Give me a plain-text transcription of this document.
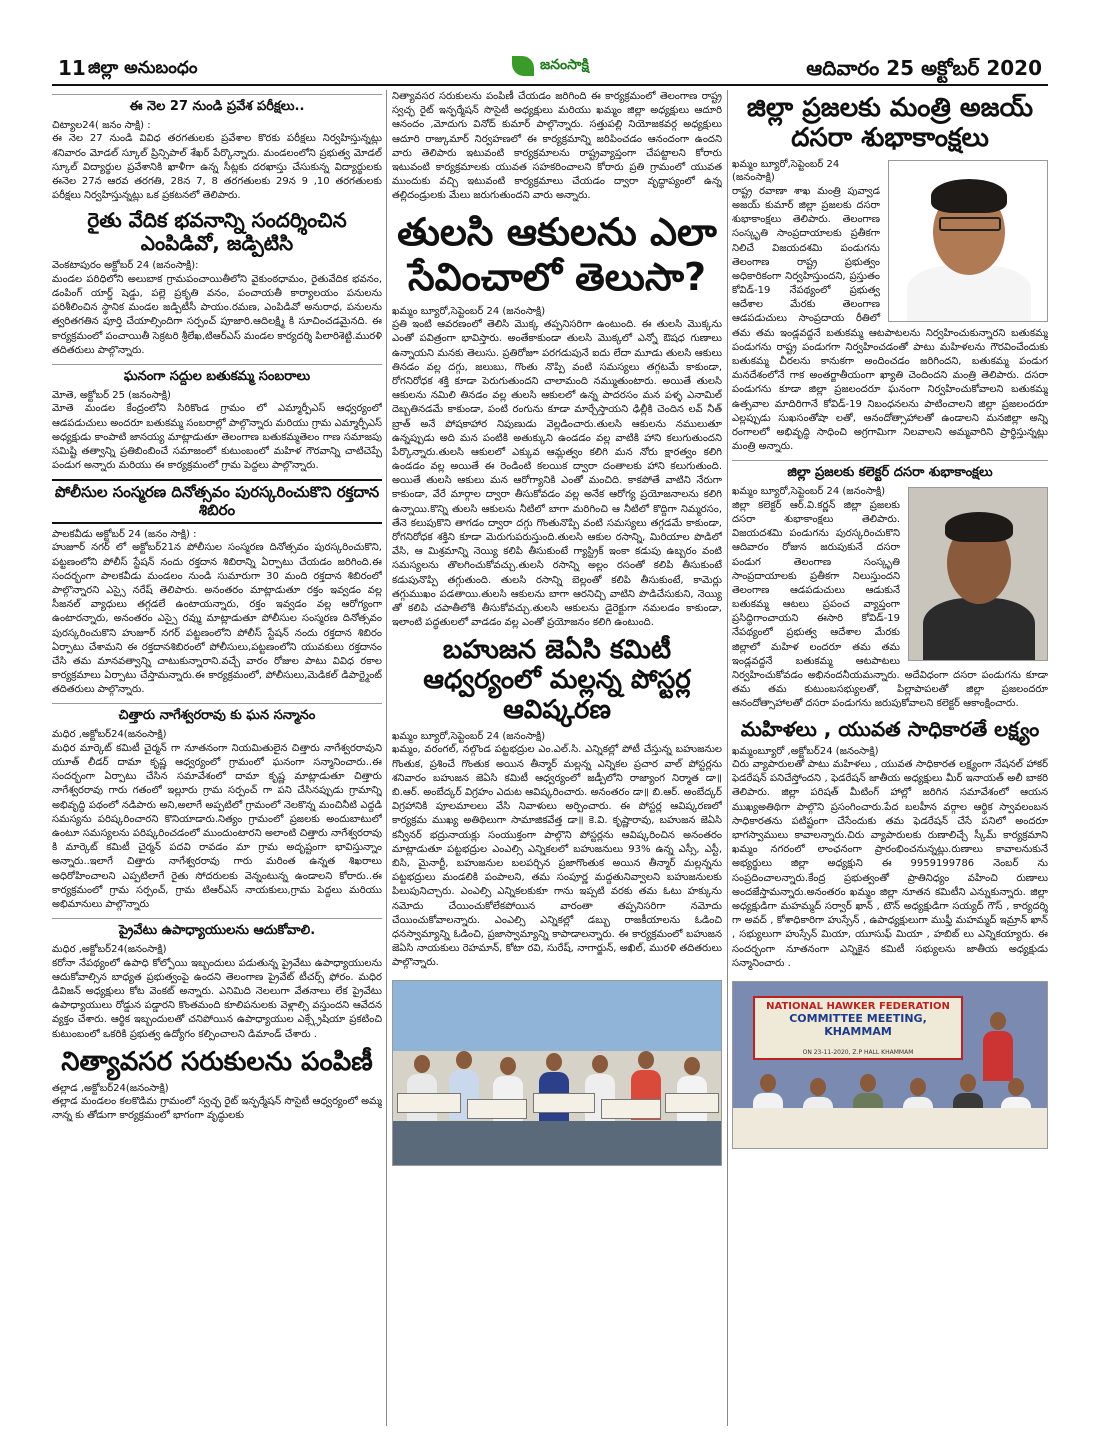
11 జిల్లా అనుబంధం	జనంసాక్షి	ఆదివారం 25 అక్టోబర్ 2020
ఈ నెల 27 నుండి ప్రవేశ పరీక్షలు..

చిట్యాల24( జనం సాక్షి) :

ఈ నెల 27 నుండి వివిధ తరగతులకు ప్రవేశాల కొరకు పరీక్షలు నిర్వహిస్తున్నట్లు శనివారం మోడల్ స్కూల్ ప్రిన్సిపాల్ శేఖర్ పేర్కొన్నారు. మండలంలోని ప్రభుత్వ మోడల్ స్కూల్ విద్యార్థుల ప్రవేశానికి ఖాళీగా ఉన్న సీట్లకు దరఖాస్తు చేసుకున్న విద్యార్థులకు ఈనెల 27న ఆరవ తరగతి, 28న 7, 8 తరగతులకు 29న 9 ,10 తరగతులకు పరీక్షలు నిర్వహిస్తున్నట్లు ఒక ప్రకటనలో తెలిపారు.

రైతు వేదిక భవనాన్ని సందర్శించిన ఎంపిడివో, జడ్పిటిసి

వెంకటాపురం అక్టోబర్ 24 (జనంసాక్షి):

మండల పరిధిలోని అలుబాక గ్రామపంచాయితీలోని వైకుంఠధామం, రైతువేదిక భవనం, డంపింగ్ యార్డ్ షెడ్డు, పల్లె ప్రకృతి వనం, పంచాయతీ కార్యాలయం పనులను పరిశీలించిన స్థానిక మండల జడ్పిటీసీ పాయం.రమణ, ఎంపిడివో అనురాధ, పనులను త్వరితగతిన పూర్తి చేయాల్సిందిగా సర్పంచ్ పూజారి.ఆదిలక్ష్మి కి సూచించడమైనది. ఈ కార్యక్రమంలో పంచాయితీ సెక్రటరి శ్రీలేఖ,టిఆర్ఎస్ మండల కార్యదర్శి పిలారిశెట్టి.మురళి తదితరులు పాల్గొన్నారు.

ఘనంగా సద్దుల బతుకమ్మ సంబరాలు

మోతె, అక్టోబర్ 25 (జనంసాక్షి)

మోతె మండల కేంద్రంలోని సిరికొండ గ్రామం లో ఎమ్మార్పీఎస్ ఆధ్వర్యంలో ఆడపడుచులు అందరూ బతుకమ్మ సంబరాల్లో పాల్గొన్నారు మరియు గ్రామ ఎమ్మార్పీఎస్ అధ్యక్షుడు కాంపాటి జానయ్య మాట్లాడుతూ తెలంగాణ బతుకమ్మతెలం గాణ సమాజపు సమిష్టి తత్వాన్ని ప్రతిబింబించే సమాజంలో కుటుంబంలో మహిళ గౌరవాన్ని చాటిచెప్పే పండుగ అన్నారు మరియు ఈ కార్యక్రమంలో గ్రామ పెద్దలు పాల్గొన్నారు.

పోలీసుల సంస్మరణ దినోత్సవం పురస్కరించుకొని రక్తదాన శిబిరం

పాలకవీడు అక్టోబర్ 24 (జనం సాక్షి) :

హుజూర్ నగర్ లో అక్టోబర్21న పోలీసుల సంస్మరణ దినోత్సవం పురస్కరించుకొని, పట్టణంలోని పోలీస్ స్టేషన్ నందు రక్తదాన శిబిరాన్ని ఏర్పాటు చేయడం జరిగింది.ఈ సందర్భంగా పాలకవీడు మండలం నుండి సుమారుగా 30 మంది రక్తదాన శిబిరంలో పాల్గొన్నారని ఎస్సై నరేష్ తెలిపారు. అనంతరం మాట్లాడుతూ రక్తం ఇవ్వడం వల్ల సీజనల్ వ్యాధులు తగ్గడలే ఉంటాయన్నారు, రక్తం ఇవ్వడం వల్ల ఆరోగ్యంగా ఉంటారన్నారు, అనంతరం ఎస్సై రవ్ము మాట్లాడుతూ పోలీసుల సంస్మరణ దినోత్సవం పురస్కరించుకొని హుజూర్ నగర్ పట్టణంలోని పోలీస్ స్టేషన్ నందు రక్తదాన శిబిరం ఏర్పాటు చేశామని ఈ రక్తదానశిబిరంలో పోలీసులు,పట్టణంలోని యువకులు రక్తదానం చేసి తమ మానవత్వాన్ని చాటుకున్నారాని.వచ్చే వారం రోజుల పాటు వివిధ రకాల కార్యక్రమాలు ఏర్పాటు చేస్తామన్నారు.ఈ కార్యక్రమంలో, పోలీసులు,మెడికల్ డిపార్ట్మెంట్ తదితరులు పాల్గొన్నారు.

చిత్తారు నాగేశ్వరరావు కు ఘన సన్మానం

మధిర ,అక్టోబర్24(జనంసాక్షి)

మధిర మార్కెట్ కమిటీ చైర్మన్ గా నూతనంగా నియమితులైన చిత్తారు నాగేశ్వరరావుని యూత్ లీడర్ దామా కృష్ణ ఆధ్వర్యంలో గ్రామంలో ఘనంగా సన్మానించారు..ఈ సందర్భంగా ఏర్పాటు చేసిన సమావేశంలో దామా కృష్ణ మాట్లాడుతూ చిత్తారు నాగేశ్వరరావు గారు గతంలో ఇల్లూరు గ్రామ సర్పంచ్ గా పని చేసినప్పుడు గ్రామాన్ని అభివృద్ధి పథంలో నడిపారు అని,అలాగే అప్పటిలో గ్రామంలో నెలకొన్న మంచినీటి ఎద్దడి సమస్యను పరిష్కరించారని కొనియాడారు.నిత్యం గ్రామంలో ప్రజలకు అందుబాటులో ఉంటూ సమస్యలను పరిష్కరించడంలో ముందుంటారని అలాంటి చిత్తారు నాగేశ్వరరావు కి మార్కెట్ కమిటీ చైర్మన్ పదవి రావడం మా గ్రామ అదృష్టంగా భావిస్తున్నాం అన్నారు..ఇలాగే చిత్తారు నాగేశ్వరరావు గారు మరింత ఉన్నత శిఖరాలు అధిరోహించాలని ఎప్పటిలాగే రైతు సోదరులకు వెన్నంటున్న ఉండాలని కోరారు..ఈ కార్యక్రమంలో గ్రామ సర్పంచ్, గ్రామ టిఆర్ఎస్ నాయకులు,గ్రామ పెద్దలు మరియు అభిమానులు పాల్గొన్నారు

ప్రైవేటు ఉపాధ్యాయులను ఆదుకోవాలి.

మధిర ,అక్టోబర్24(జనంసాక్షి)

కరోనా నేపథ్యంలో ఉపాధి కోల్పోయి ఇబ్బందులు పడుతున్న ప్రైవేటు ఉపాధ్యాయులను ఆదుకోవాల్సిన బాధ్యత ప్రభుత్వంపై ఉందని తెలంగాణ ప్రైవేట్ టీచర్స్ ఫోరం. మధిర డివిజన్ అధ్యక్షులు కోట వెంకట్ అన్నారు. ఎనిమిది నెలలుగా వేతనాలు లేక ప్రైవేటు ఉపాధ్యాయులు రోడ్డున పడ్డారని కొంతమంది కూలిపనులకు వెళ్లాల్సి వస్తుందని ఆవేదన వ్యక్తం చేశారు. ఆర్థిక ఇబ్బందులతో చనిపోయిన ఉపాధ్యాయుల ఎక్స్గ్రేషియా ప్రకటించి కుటుంబంలో ఒకరికి ప్రభుత్వ ఉద్యోగం కల్పించాలని డిమాండ్ చేశారు .

నిత్యావసర సరుకులను పంపిణీ

తల్లాడ ,అక్టోబర్24(జనంసాక్షి)

తల్లాడ మండలం కలకొడిమ గ్రామంలో స్వచ్ఛ రైట్ ఇన్ఫర్మేషన్ సొసైటీ ఆధ్వర్యంలో అమ్మ నాన్న కు తోడుగా కార్యక్రమంలో భాగంగా వృద్ధులకు

నిత్యావసర సరుకులను పంపిణీ చేయడం జరిగింది ఈ కార్యక్రమంలో తెలంగాణ రాష్ట్ర స్వచ్ఛ రైట్ ఇన్ఫర్మేషన్ సొసైటీ అధ్యక్షులు మరియు ఖమ్మం జిల్లా అధ్యక్షులు ఆదూరి ఆనందం ,మోదుగు వినోద్ కుమార్ పాల్గొన్నారు. సత్తుపల్లి నియోజకవర్గ అధ్యక్షులు ఆదూరి రాజ్కుమార్ నిర్వహణలో ఈ కార్యక్రమాన్ని జరిపించడం ఆనందంగా ఉందని వారు తెలిపారు ఇటువంటి కార్యక్రమాలను రాష్ట్రవ్యాప్తంగా చేపట్టాలని కోరారు ఇటువంటి కార్యక్రమాలకు యువత సహకరించాలని కోరారు ప్రతి గ్రామంలో యువత ముందుకు వచ్చి ఇటువంటి కార్యక్రమాలు చేయడం ద్వారా వృద్ధాప్యంలో ఉన్న తల్లిదండ్రులకు మేలు జరుగుతుందని వారు అన్నారు.

తులసి ఆకులను ఎలా సేవించాలో తెలుసా?

ఖమ్మం బ్యూరో,సెప్టెంబర్ 24 (జనంసాక్షి)

ప్రతి ఇంటి ఆవరణంలో తెలిసి మొక్క తప్పనిసరిగా ఉంటుంది. ఈ తులసి మొక్కను ఎంతో పవిత్రంగా భావిస్తారు. అంతేకాకుండా తులసి మొక్కలో ఎన్నో ఔషధ గుణాలు ఉన్నాయని మనకు తెలుసు. ప్రతిరోజూ పరగడుపునే ఐదు లేదా మూడు తులసి ఆకులు తినడం వల్ల దగ్గు, జలుబు, గొంతు నొప్పి వంటి సమస్యలు తగ్గటమే కాకుండా, రోగనిరోధక శక్తి కూడా పెరుగుతుందని చాలామంది నమ్ముతుంటారు. అయితే తులసి ఆకులను నమిలి తినడం వల్ల తులసి ఆకులలో ఉన్న పాదరసం మన పళ్ళ ఎనామిల్ దెబ్బతినడమే కాకుండా, పంటి రంగును కూడా మార్చేస్తాయని ఢిల్లీకి చెందిన లవ్ నీత్ బ్రాత్ అనే పోషకాహార నిపుణుడు వెల్లడించారు.తులసి ఆకులను నములుతూ ఉన్నప్పుడు అది మన పంటికి అతుక్కుని ఉండడం వల్ల వాటికి హాని కలుగుతుందని పేర్కొన్నారు.తులసి ఆకులలో ఎక్కువ ఆమ్లత్వం కలిగి మన నోరు క్షారత్వం కలిగి ఉండడం వల్ల అయితే ఈ రెండింటి కలయిక ద్వారా దంతాలకు హాని కలుగుతుంది. అయితే తులసి ఆకులు మన ఆరోగ్యానికి ఎంతో మంచిది. కాకపోతే వాటిని నేరుగా కాకుండా, వేరే మార్గాల ద్వారా తీసుకోవడం వల్ల అనేక ఆరోగ్య ప్రయోజనాలను కలిగి ఉన్నాయి.కొన్ని తులసి ఆకులను నీటిలో బాగా మరిగించి ఆ నీటిలో కొద్దిగా నిమ్మరసం, తేనె కలుపుకొని తాగడం ద్వారా దగ్గు గొంతునొప్పి వంటి సమస్యలు తగ్గడమే కాకుండా, రోగనిరోధక శక్తిని కూడా మెరుగుపరుస్తుంది.తులసి ఆకుల రసాన్ని, మిరియాల పొడిలో వేసి, ఆ మిశ్రమాన్ని నెయ్యి కలిపి తీసుకుంటే గ్యాస్ట్రిక్ ఇంకా కడుపు ఉబ్బరం వంటి సమస్యలను తొలగించుకోవచ్చు.తులసి రసాన్ని అల్లం రసంతో కలిపి తీసుకుంటే కడుపునొప్పి తగ్గుతుంది. తులసి రసాన్ని బెల్లంతో కలిపి తీసుకుంటే, కామెర్లు తగ్గుముఖం పడతాయి.తులసి ఆకులను బాగా ఆరనిచ్చి వాటిని పొడిచేసుకుని, నెయ్యి తో కలిపి చపాతీలోకి తీసుకోవచ్చు.తులసి ఆకులను డైరెక్టుగా నమలడం కాకుండా, ఇలాంటి పద్ధతులలో వాడడం వల్ల ఎంతో ప్రయోజనం కలిగి ఉంటుంది.

బహుజన జెఏసి కమిటీ ఆధ్వర్యంలో మల్లన్న పోస్టర్ల ఆవిష్కరణ

ఖమ్మం బ్యూరో,సెప్టెంబర్ 24 (జనంసాక్షి)

ఖమ్మం, వరంగల్, నల్గొండ పట్టభద్రుల ఎం.ఎల్.సి. ఎన్నికల్లో పోటీ చేస్తున్న బహుజనుల గొంతుక, ప్రశించే గొంతుక అయిన తీన్మార్ మల్లన్న ఎన్నికల ప్రచార వాల్ పోస్టర్లను శనివారం బహుజన జెఏసి కమిటీ ఆధ్వర్యంలో జడ్పీలోని రాజ్యాంగ నిర్మాత డా॥ బి.ఆర్. అంబేద్కర్ విగ్రహం ఎదుట ఆవిష్కరించారు. అనంతరం డా॥ బి.ఆర్. అంబేద్కర్ విగ్రహానికి పూలమాలలు వేసి నివాళులు అర్పించారు. ఈ పోస్టర్ల ఆవిష్కరణలో కార్యక్రమ ముఖ్య అతిథిలుగా సామాజికవేత్త డా॥ కె.వి. కృష్ణారావు, బహుజన జెఏసి కన్వీనర్ భద్రునాయక్లు సంయుక్తంగా పాల్గొని పోస్టర్లను ఆవిష్కరించిన అనంతరం మాట్లాడుతూ పట్టభద్రుల ఎంఎల్సి ఎన్నికలలో బహుజనులు 93% ఉన్న ఎస్సీ, ఎస్టీ, బిసి, మైనార్టీ, బహుజనుల బలపర్చిన ప్రజాగొంతుక అయిన తీన్మార్ మల్లన్నను పట్టభద్రులు మండలికి పంపాలని, తమ సంపూర్ణ మద్దతునివ్వాలని బహుజనులకు పిలుపునిచ్చారు. ఎంఎల్సి ఎన్నికలకుకూ గాను ఇప్పటి వరకు తమ ఓటు హక్కును నమోదు చేయించుకోలేకపోయిన వారంతా తప్పనిసరిగా నమోదు చేయించుకోవాలన్నారు. ఎంఎల్సి ఎన్నికల్లో డబ్బు రాజకీయాలను ఓడించి ధనస్వామ్యాన్ని ఓడించి, ప్రజాస్వామ్యాన్ని కాపాడాలన్నారు. ఈ కార్యక్రమంలో బహుజన జెఏసి నాయకులు రెహమాన్, కోటా రవి, సురేష్, నాగార్జున్, అఖిల్, మురళి తదితరులు పాల్గొన్నారు.

జిల్లా ప్రజలకు మంత్రి అజయ్ దసరా శుభాకాంక్షలు

ఖమ్మం బ్యూరో,సెప్టెంబర్ 24 (జనంసాక్షి)

రాష్ట్ర రవాణా శాఖ మంత్రి పువ్వాడ అజయ్ కుమార్ జిల్లా ప్రజలకు దసరా శుభాకాంక్షలు తెలిపారు. తెలంగాణ సంస్కృతి సాంప్రదాయాలకు ప్రతీకగా నిలిచే విజయదశమి పండుగను తెలంగాణ రాష్ట్ర ప్రభుత్వం అధికారికంగా నిర్వహిస్తుందని, ప్రస్తుతం కోవిడ్-19 నేపథ్యంలో ప్రభుత్వ ఆదేశాల మేరకు తెలంగాణ ఆడపడుచులు సాంప్రదాయ రీతిలో తమ తమ ఇండ్లవద్దనే బతుకమ్మ ఆటపాటలను నిర్వహించుకున్నారని బతుకమ్మ పండుగను రాష్ట్ర పండుగగా నిర్వహించడంతో పాటు మహిళలను గౌరవించేందుకు బతుకమ్మ చీరలను కానుకగా అందించడం జరిగిందని, బతుకమ్మ పండుగ మనదేశంలోనే గాక అంతర్జాతీయంగా ఖ్యాతి చెందిందని మంత్రి తెలిపారు. దసరా పండుగను కూడా జిల్లా ప్రజలందరూ ఘనంగా నిర్వహించుకోవాలని బతుకమ్మ ఉత్సవాల మాదిరిగానే కోవిడ్-19 నిబంధనలను పాటించాలని జిల్లా ప్రజలందరూ ఎల్లప్పుడు సుఖసంతోషా లతో, ఆనందోత్సాహాలతో ఉండాలని మనజిల్లా అన్ని రంగాలలో అభివృద్ధి సాధించి అగ్రగామిగా నిలవాలని అమ్మవారిని ప్రార్థిస్తున్నట్లు మంత్రి అన్నారు.

జిల్లా ప్రజలకు కలెక్టర్ దసరా శుభాకాంక్షలు

ఖమ్మం బ్యూరో,సెప్టెంబర్ 24 (జనంసాక్షి)

జిల్లా కలెక్టర్ ఆర్.వి.కర్ణన్ జిల్లా ప్రజలకు దసరా శుభాకాంక్షలు తెలిపారు. విజయదశమి పండుగను పురస్కరించుకొని ఆదివారం రోజున జరుపుకునే దసరా పండుగ తెలంగాణ సంస్కృతి సాంప్రదాయాలకు ప్రతీకగా నిలుస్తుందని తెలంగాణ ఆడపడుచులు ఆడుకునే బతుకమ్మ ఆటలు ప్రపంచ వ్యాప్తంగా ప్రసిద్ధిగాంచాయని ఈసారి కోవిడ్-19 నేపథ్యంలో ప్రభుత్వ ఆదేశాల మేరకు జిల్లాలో మహిళ లందరూ తమ తమ ఇండ్లవద్దనే బతుకమ్మ ఆటపాటలు నిర్వహించుకోవడం అభినందనీయమన్నారు. అదేవిధంగా దసరా పండుగను కూడా తమ తమ కుటుంబసభ్యులతో, పిల్లాపాపలతో జిల్లా ప్రజలందరూ ఆనందోత్సాహాలతో దసరా పండుగను జరుపుకోవాలని కలెక్టర్ ఆకాంక్షించారు.

మహిళలు , యువత సాధికారతే లక్ష్యం

ఖమ్మంబ్యూరో ,అక్టోబర్24 (జనంసాక్షి)

చిరు వ్యాపారులతో పాటు మహిళలు , యువత సాధికారత లక్ష్యంగా నేషనల్ హాకర్ ఫెడరేషన్ పనిచేస్తోందని , ఫెడరేషన్ జాతీయ అధ్యక్షులు మీర్ ఇనాయత్ అలీ బాకరి తెలిపారు. జిల్లా పరిషత్ మీటింగ్ హాల్లో జరిగిన సమావేశంలో ఆయన ముఖ్యఅతిథిగా పాల్గొని ప్రసంగించారు.పేద బలహీన వర్గాల ఆర్థిక స్వావలంబన సాధికారతను పటిష్టంగా చేసేందుకు తమ ఫెడరేషన్ చేసే పనిలో అందరూ భాగస్వాములు కావాలన్నారు.చిరు వ్యాపారులకు రుణాలిచ్చే స్కీమ్ కార్యక్రమాని ఖమ్మం నగరంలో లాంఛనంగా ప్రారంభించనున్నట్లు.రుణాలు కావాలనుకునే అభ్యర్థులు జిల్లా అధ్యక్షుని ఈ 9959199786 నెంబర్ ను సంప్రదించాలన్నారు.కేంద్ర ప్రభుత్వంతో ప్రాతినిధ్యం వహించి రుణాలు అందజేస్తామన్నారు.అనంతరం ఖమ్మం జిల్లా నూతన కమిటీని ఎన్నుకున్నారు. జిల్లా అధ్యక్షుడిగా మహమ్మద్ సర్వార్ ఖాన్ , టౌన్ అధ్యక్షుడిగా సయ్యద్ గౌస్ , కార్యదర్శి గా అవద్ , కోశాధికారిగా హుస్సేన్ , ఉపాధ్యక్షులుగా ముఫ్తీ మహమ్మద్ ఇమ్రాన్ ఖాన్ , సభ్యులుగా హుస్సేన్ మియా, యూసుఫ్ మియా , హబిబ్ లు ఎన్నికయ్యారు. ఈ సందర్భంగా నూతనంగా ఎన్నికైన కమిటీ సభ్యులను జాతీయ అధ్యక్షుడు సన్మానించారు .

NATIONAL HAWKER FEDERATION
COMMITTEE MEETING, KHAMMAM
ON 23-11-2020, Z.P HALL KHAMMAM
